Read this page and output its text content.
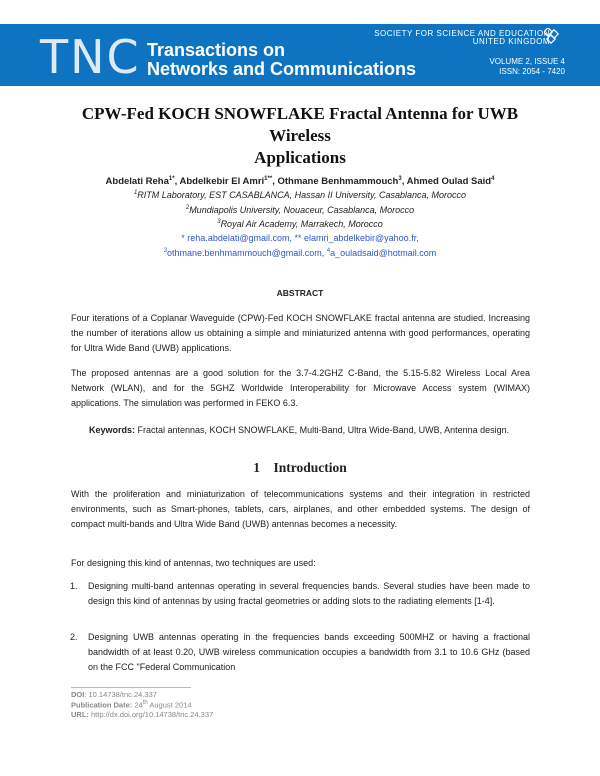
TNC Transactions on
Networks and Communications
SOCIETY FOR SCIENCE AND EDUCATION
UNITED KINGDOM
VOLUME 2, ISSUE 4
ISSN: 2054 - 7420
CPW-Fed KOCH SNOWFLAKE Fractal Antenna for UWB Wireless
Applications
Abdelati Reha$^{1*}$, Abdelkebir El Amri$^{1**}$, Othmane Benhmammouch$^3$, Ahmed Oulad Said$^4$
$^1$RITM Laboratory, EST CASABLANCA, Hassan II University, Casablanca, Morocco
$^2$Mundiapolis University, Nouaceur, Casablanca, Morocco
$^3$Royal Air Academy, Marrakech, Morocco
* reha.abdelati@gmail.com, ** elamri_abdelkebir@yahoo.fr,
$^3$othmane.benhmammouch@gmail.com, $^4$a_ouladsaid@hotmail.com
ABSTRACT
Four iterations of a Coplanar Waveguide (CPW)-Fed KOCH SNOWFLAKE fractal antenna are studied. Increasing the number of iterations allow us obtaining a simple and miniaturized antenna with good performances, operating for Ultra Wide Band (UWB) applications.
The proposed antennas are a good solution for the 3.7-4.2GHZ C-Band, the 5.15-5.82 Wireless Local Area Network (WLAN), and for the 5GHZ Worldwide Interoperability for Microwave Access system (WIMAX) applications. The simulation was performed in FEKO 6.3.
Keywords: Fractal antennas, KOCH SNOWFLAKE, Multi-Band, Ultra Wide-Band, UWB, Antenna design.
1 Introduction
With the proliferation and miniaturization of telecommunications systems and their integration in restricted environments, such as Smart-phones, tablets, cars, airplanes, and other embedded systems. The design of compact multi-bands and Ultra Wide Band (UWB) antennas becomes a necessity.
For designing this kind of antennas, two techniques are used:
1. Designing multi-band antennas operating in several frequencies bands. Several studies have been made to design this kind of antennas by using fractal geometries or adding slots to the radiating elements [1-4].
2. Designing UWB antennas operating in the frequencies bands exceeding 500MHZ or having a fractional bandwidth of at least 0.20, UWB wireless communication occupies a bandwidth from 3.1 to 10.6 GHz (based on the FCC "Federal Communication
DOI: 10.14738/tnc.24.337
Publication Date: 24th August 2014
URL: http://dx.doi.org/10.14738/tnc.24.337
